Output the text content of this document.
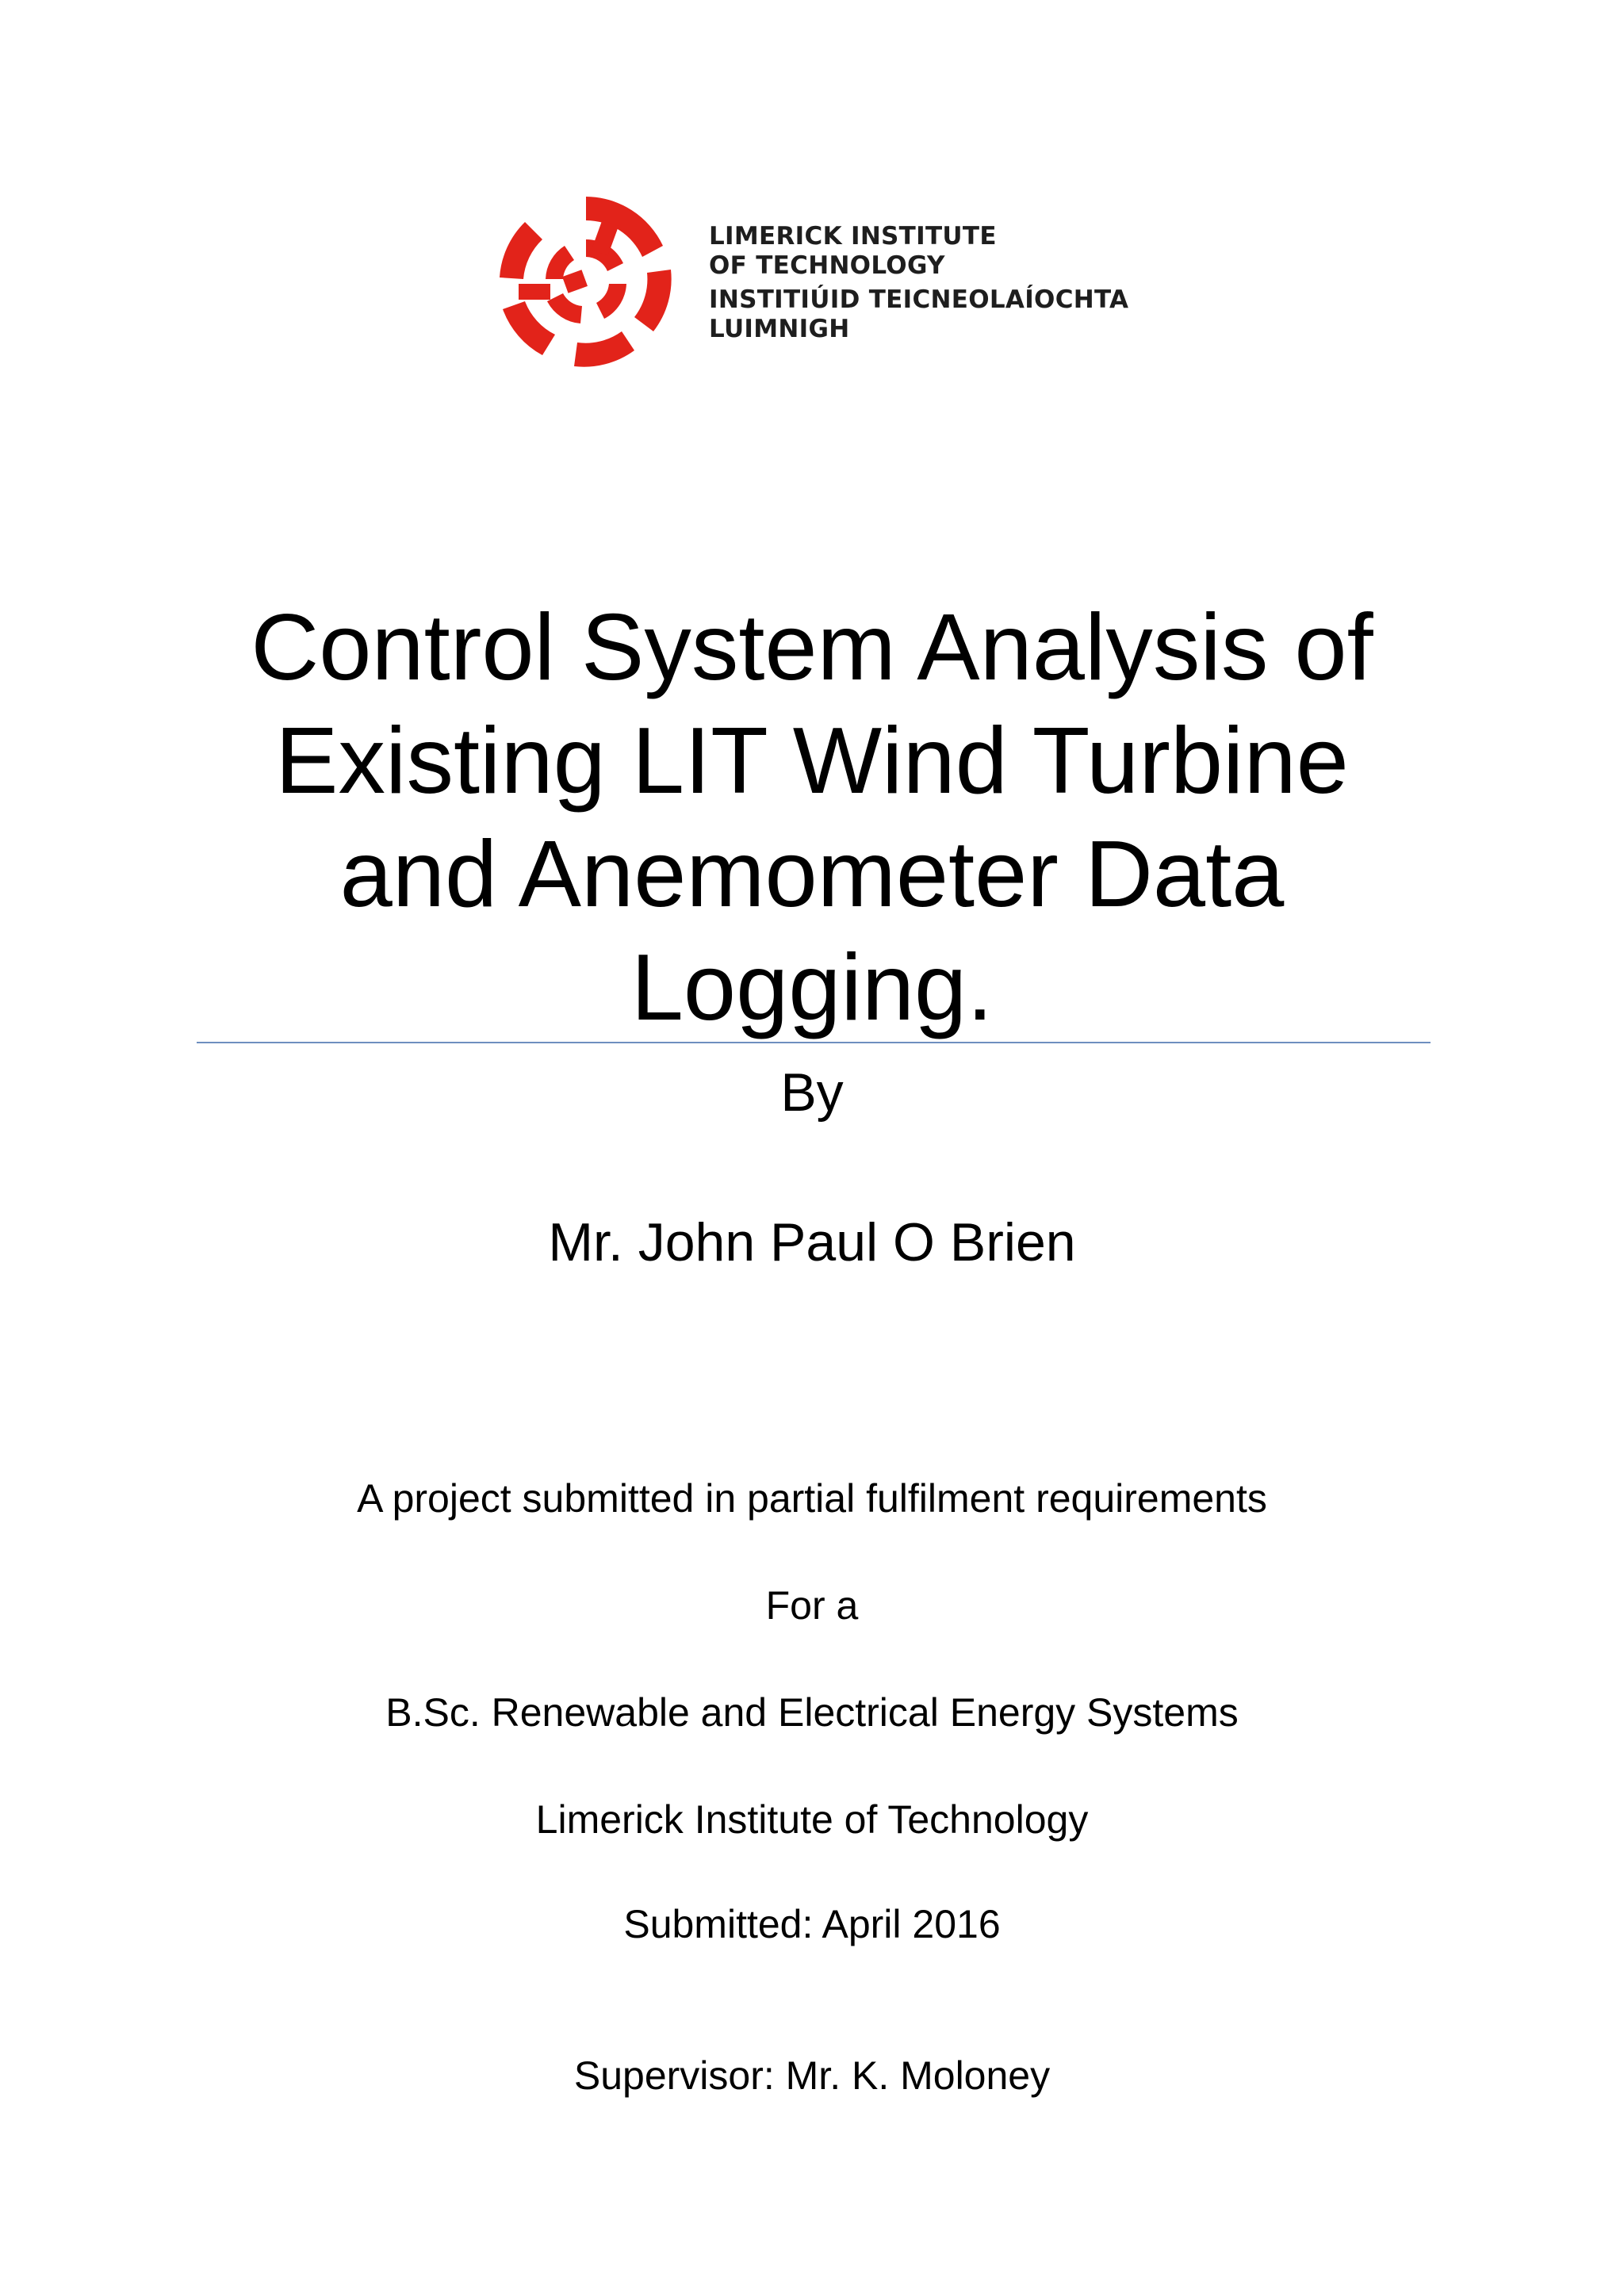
LIMERICK INSTITUTE
OF TECHNOLOGY
INSTITIÚID TEICNEOLAÍOCHTA
LUIMNIGH
Control System Analysis of
Existing LIT Wind Turbine
and Anemometer Data
Logging.
By
Mr. John Paul O Brien
A project submitted in partial fulfilment requirements
For a
B.Sc. Renewable and Electrical Energy Systems
Limerick Institute of Technology
Submitted: April 2016
Supervisor: Mr. K. Moloney
